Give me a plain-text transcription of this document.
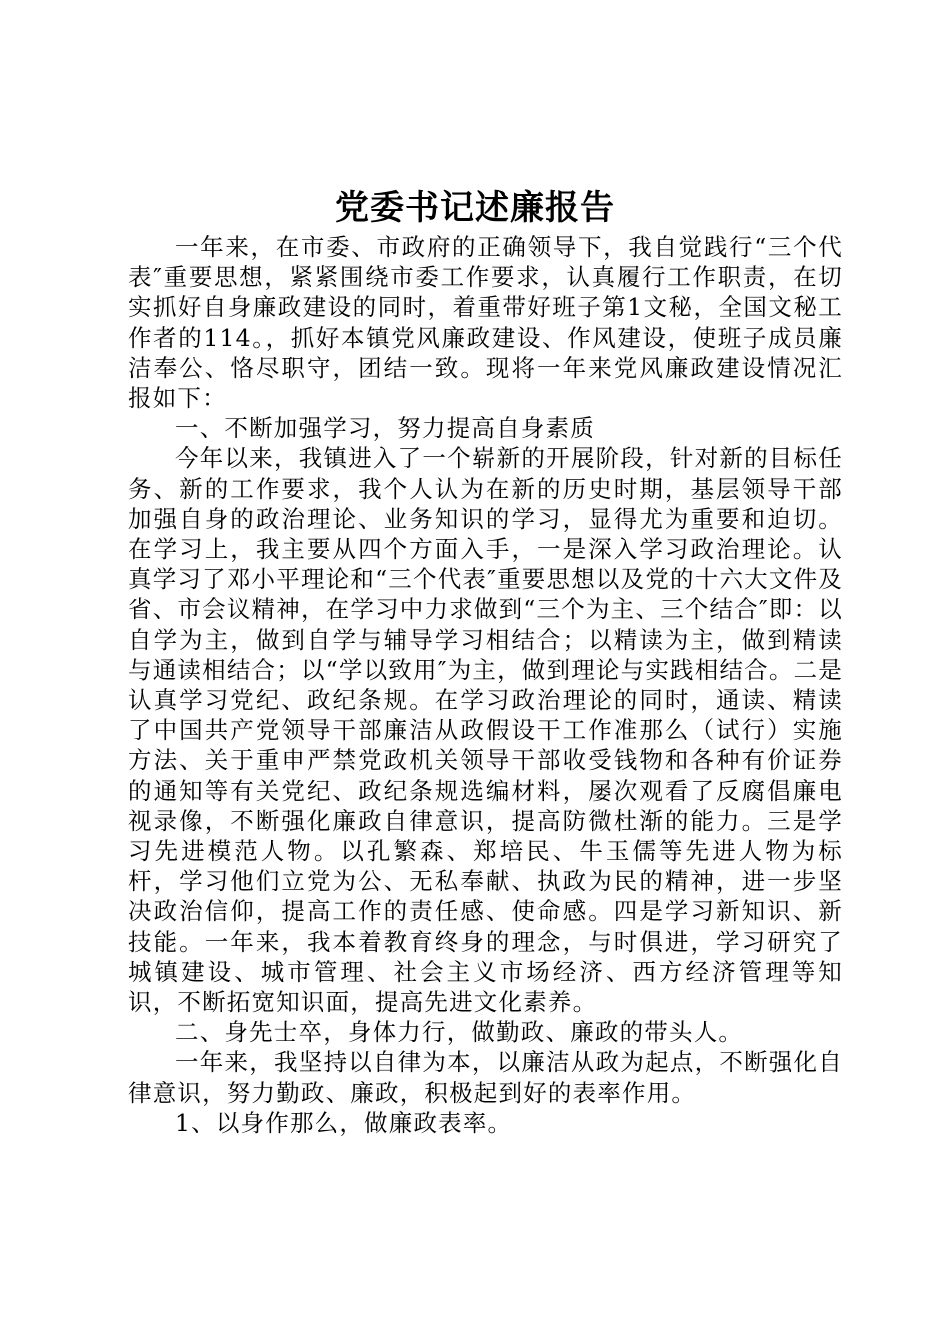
党委书记述廉报告

一年来，在市委、市政府的正确领导下，我自觉践行“三个代表″重要思想，紧紧围绕市委工作要求，认真履行工作职责，在切实抓好自身廉政建设的同时，着重带好班子第1文秘，全国文秘工作者的114。，抓好本镇党风廉政建设、作风建设，使班子成员廉洁奉公、恪尽职守，团结一致。现将一年来党风廉政建设情况汇报如下：

一、不断加强学习，努力提高自身素质

今年以来，我镇进入了一个崭新的开展阶段，针对新的目标任务、新的工作要求，我个人认为在新的历史时期，基层领导干部加强自身的政治理论、业务知识的学习，显得尤为重要和迫切。在学习上，我主要从四个方面入手，一是深入学习政治理论。认真学习了邓小平理论和“三个代表″重要思想以及党的十六大文件及省、市会议精神，在学习中力求做到“三个为主、三个结合″即：以自学为主，做到自学与辅导学习相结合；以精读为主，做到精读与通读相结合；以“学以致用″为主，做到理论与实践相结合。二是认真学习党纪、政纪条规。在学习政治理论的同时，通读、精读了中国共产党领导干部廉洁从政假设干工作准那么（试行）实施方法、关于重申严禁党政机关领导干部收受钱物和各种有价证券的通知等有关党纪、政纪条规选编材料，屡次观看了反腐倡廉电视录像，不断强化廉政自律意识，提高防微杜渐的能力。三是学习先进模范人物。以孔繁森、郑培民、牛玉儒等先进人物为标杆，学习他们立党为公、无私奉献、执政为民的精神，进一步坚决政治信仰，提高工作的责任感、使命感。四是学习新知识、新技能。一年来，我本着教育终身的理念，与时俱进，学习研究了城镇建设、城市管理、社会主义市场经济、西方经济管理等知识，不断拓宽知识面，提高先进文化素养。

二、身先士卒，身体力行，做勤政、廉政的带头人。

一年来，我坚持以自律为本，以廉洁从政为起点，不断强化自律意识，努力勤政、廉政，积极起到好的表率作用。

1、以身作那么，做廉政表率。
